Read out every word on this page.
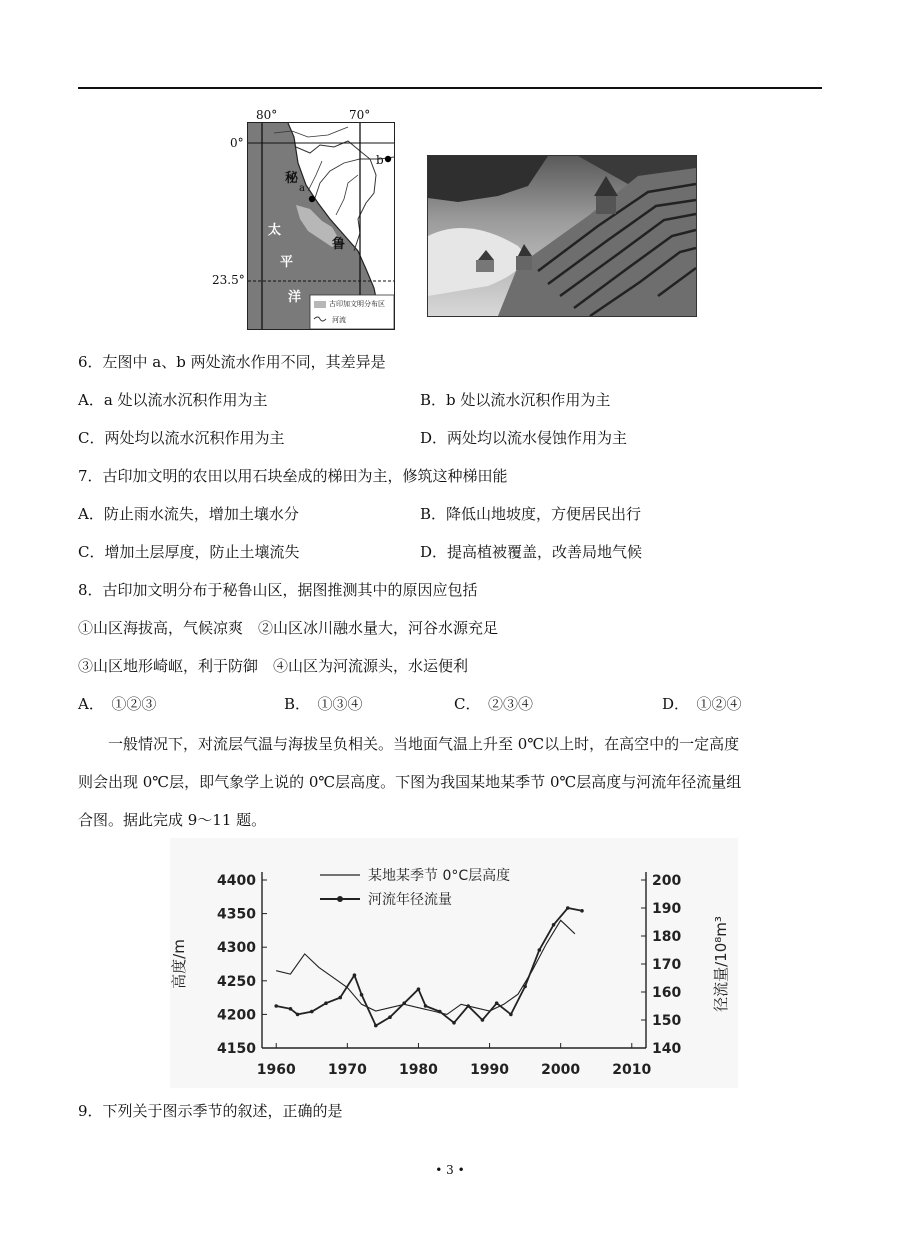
80°	70°
0°
23.5°
秘
鲁
太
平
洋
a
b
古印加文明分布区
河流
6．左图中 a、b 两处流水作用不同，其差异是
A．a 处以流水沉积作用为主	B．b 处以流水沉积作用为主
C．两处均以流水沉积作用为主	D．两处均以流水侵蚀作用为主
7．古印加文明的农田以用石块垒成的梯田为主，修筑这种梯田能
A．防止雨水流失，增加土壤水分	B．降低山地坡度，方便居民出行
C．增加土层厚度，防止土壤流失	D．提高植被覆盖，改善局地气候
8．古印加文明分布于秘鲁山区，据图推测其中的原因应包括
①山区海拔高，气候凉爽　②山区冰川融水量大，河谷水源充足
③山区地形崎岖，利于防御　④山区为河流源头，水运便利
A．　①②③	B．　①③④	C．　②③④	D．　①②④
一般情况下，对流层气温与海拔呈负相关。当地面气温上升至 0℃以上时，在高空中的一定高度
则会出现 0℃层，即气象学上说的 0℃层高度。下图为我国某地某季节 0℃层高度与河流年径流量组
合图。据此完成 9～11 题。
4400
4350
4300
4250
4200
4150
200
190
180
170
160
150
140
1960 1970 1980 1990 2000 2010
高度/m	径流量/10⁸m³
某地某季节 0°C层高度
河流年径流量
9．下列关于图示季节的叙述，正确的是
• 3 •
